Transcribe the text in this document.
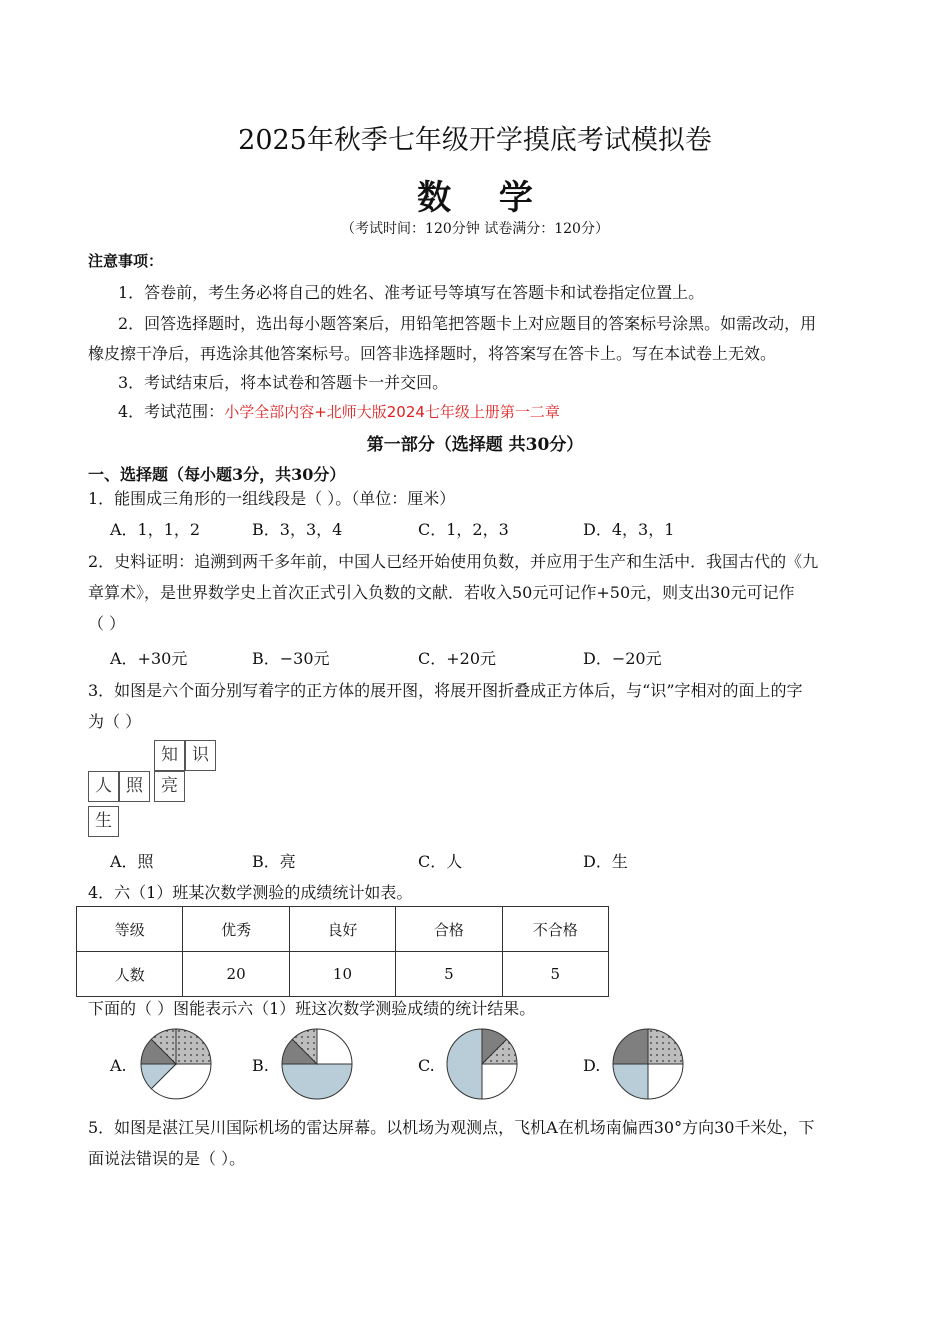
2025年秋季七年级开学摸底考试模拟卷
数 学
（考试时间：120分钟 试卷满分：120分）
注意事项：
1．答卷前，考生务必将自己的姓名、准考证号等填写在答题卡和试卷指定位置上。
2．回答选择题时，选出每小题答案后，用铅笔把答题卡上对应题目的答案标号涂黑。如需改动，用
橡皮擦干净后，再选涂其他答案标号。回答非选择题时，将答案写在答卡上。写在本试卷上无效。
3．考试结束后，将本试卷和答题卡一并交回。
4．考试范围：小学全部内容+北师大版2024七年级上册第一二章
第一部分（选择题 共30分）
一、选择题（每小题3分，共30分）
1．能围成三角形的一组线段是（ ）。（单位：厘米）
A．1，1，2	B．3，3，4	C．1，2，3	D．4，3，1
2．史料证明：追溯到两千多年前，中国人已经开始使用负数，并应用于生产和生活中．我国古代的《九
章算术》，是世界数学史上首次正式引入负数的文献．若收入50元可记作+50元，则支出30元可记作
（ ）
A．+30元	B．−30元	C．+20元	D．−20元
3．如图是六个面分别写着字的正方体的展开图，将展开图折叠成正方体后，与“识”字相对的面上的字
为（ ）
知 识
人 照	亮
生
A．照	B．亮	C．人	D．生
4．六（1）班某次数学测验的成绩统计如表。
等级	优秀	良好	合格	不合格
人数	20	10	5	5
下面的（ ）图能表示六（1）班这次数学测验成绩的统计结果。
A.	B.	C.	D.
5．如图是湛江吴川国际机场的雷达屏幕。以机场为观测点，飞机A在机场南偏西30°方向30千米处，下
面说法错误的是（ ）。
